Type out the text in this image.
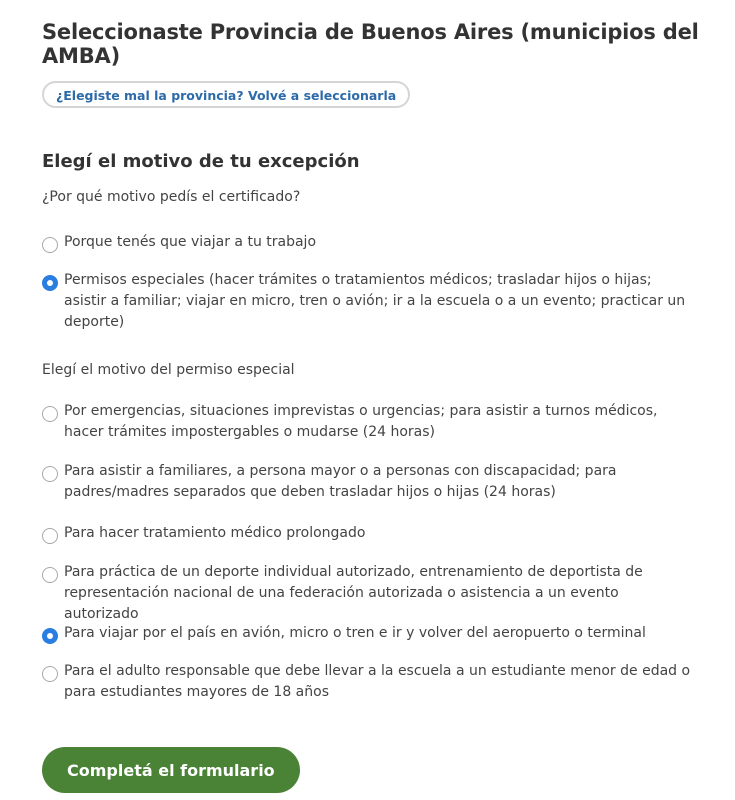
Seleccionaste Provincia de Buenos Aires (municipios del AMBA)
¿Elegiste mal la provincia? Volvé a seleccionarla
Elegí el motivo de tu excepción

¿Por qué motivo pedís el certificado?

Porque tenés que viajar a tu trabajo
Permisos especiales (hacer trámites o tratamientos médicos; trasladar hijos o hijas; asistir a familiar; viajar en micro, tren o avión; ir a la escuela o a un evento; practicar un deporte)

Elegí el motivo del permiso especial

Por emergencias, situaciones imprevistas o urgencias; para asistir a turnos médicos, hacer trámites impostergables o mudarse (24 horas)
Para asistir a familiares, a persona mayor o a personas con discapacidad; para padres/madres separados que deben trasladar hijos o hijas (24 horas)
Para hacer tratamiento médico prolongado
Para práctica de un deporte individual autorizado, entrenamiento de deportista de representación nacional de una federación autorizada o asistencia a un evento autorizado
Para viajar por el país en avión, micro o tren e ir y volver del aeropuerto o terminal
Para el adulto responsable que debe llevar a la escuela a un estudiante menor de edad o para estudiantes mayores de 18 años
Completá el formulario
